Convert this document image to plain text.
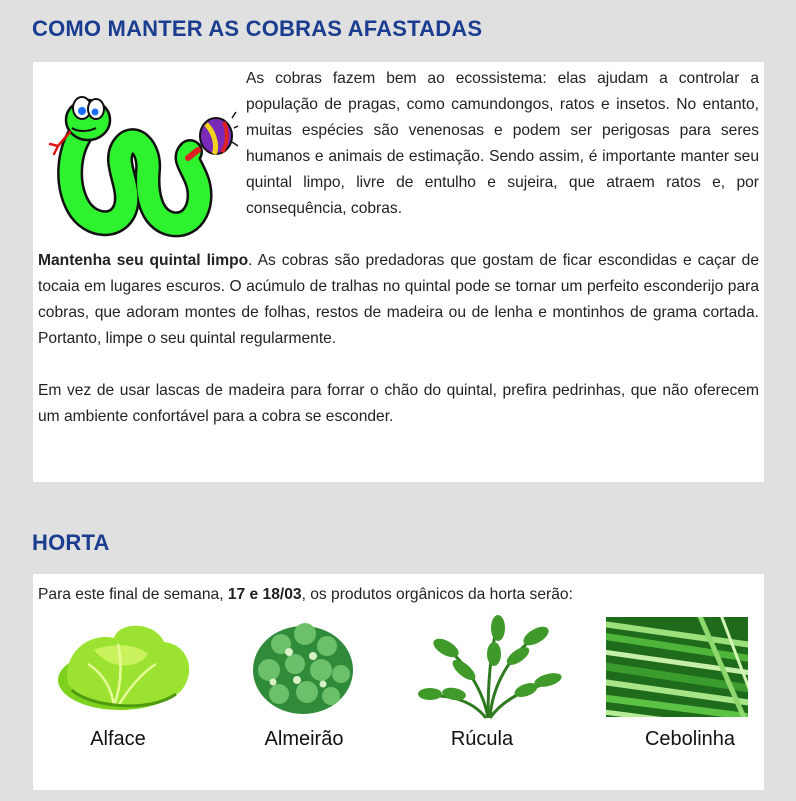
COMO MANTER AS COBRAS AFASTADAS

As cobras fazem bem ao ecossistema: elas ajudam a controlar a população de pragas, como camundongos, ratos e insetos. No entanto, muitas espécies são venenosas e podem ser perigosas para seres humanos e animais de estimação. Sendo assim, é importante manter seu quintal limpo, livre de entulho e sujeira, que atraem ratos e, por consequência, cobras.

Mantenha seu quintal limpo. As cobras são predadoras que gostam de ficar escondidas e caçar de tocaia em lugares escuros. O acúmulo de tralhas no quintal pode se tornar um perfeito esconderijo para cobras, que adoram montes de folhas, restos de madeira ou de lenha e montinhos de grama cortada. Portanto, limpe o seu quintal regularmente.

Em vez de usar lascas de madeira para forrar o chão do quintal, prefira pedrinhas, que não oferecem um ambiente confortável para a cobra se esconder.

HORTA
Para este final de semana, 17 e 18/03, os produtos orgânicos da horta serão:
Alface	Almeirão	Rúcula	Cebolinha
